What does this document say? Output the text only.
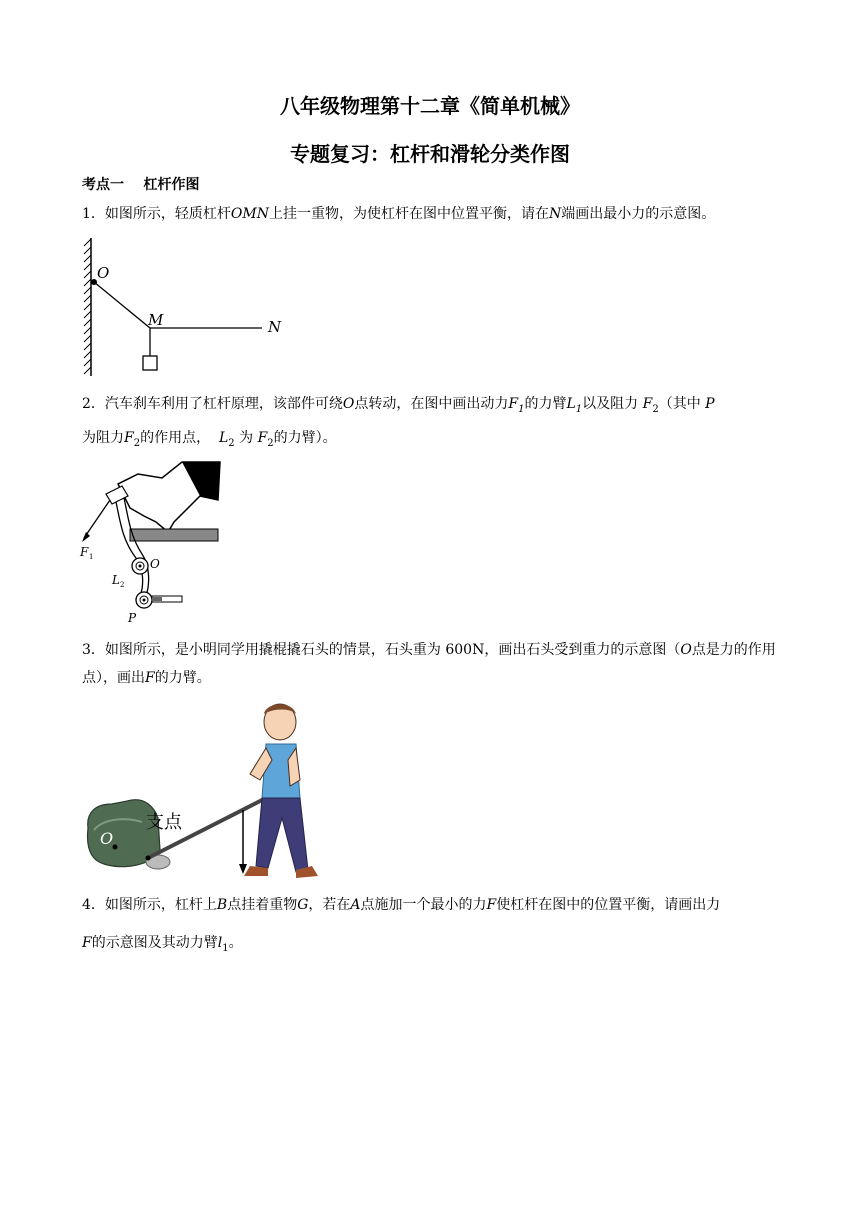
八年级物理第十二章《简单机械》
专题复习：杠杆和滑轮分类作图
考点一 杠杆作图
1．如图所示，轻质杠杆OMN上挂一重物，为使杠杆在图中位置平衡，请在N端画出最小力的示意图。
O
M	N
2．汽车刹车利用了杠杆原理，该部件可绕O点转动，在图中画出动力$F_1$的力臂$L_1$以及阻力 $F_2$（其中 P
为阻力$F_2$的作用点， $L_2$ 为 $F_2$的力臂）。
F 1	O
L 2
P
3．如图所示，是小明同学用撬棍撬石头的情景，石头重为 600N，画出石头受到重力的示意图（O点是力的作用点），画出F的力臂。
支点
O
4．如图所示，杠杆上B点挂着重物G，若在A点施加一个最小的力F使杠杆在图中的位置平衡，请画出力
F的示意图及其动力臂$l_1$。
